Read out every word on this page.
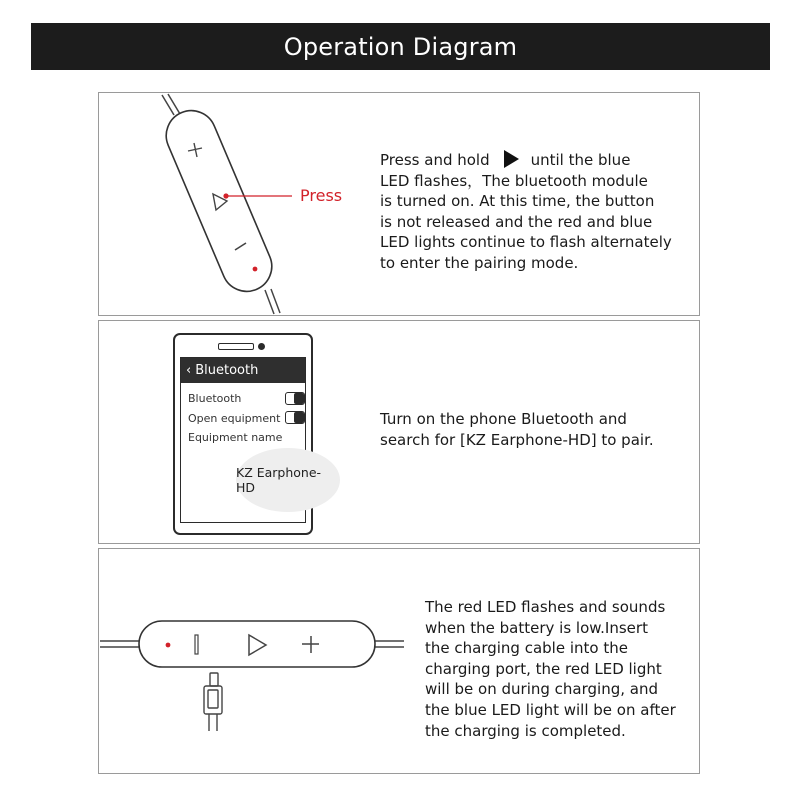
Operation Diagram
Press
Press and hold	until the blue
LED flashes，The bluetooth module
is turned on. At this time, the button
is not released and the red and blue
LED lights continue to flash alternately
to enter the pairing mode.
‹ Bluetooth
Bluetooth
Open equipment
Equipment name
KZ Earphone-HD
Turn on the phone Bluetooth and
search for [KZ Earphone-HD] to pair.
The red LED flashes and sounds
when the battery is low.Insert
the charging cable into the
charging port, the red LED light
will be on during charging, and
the blue LED light will be on after
the charging is completed.
